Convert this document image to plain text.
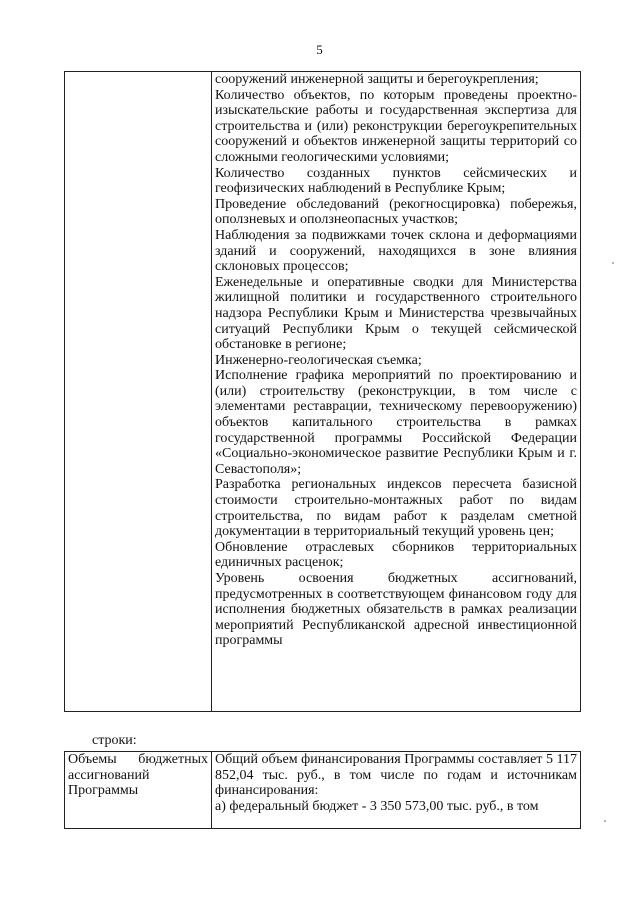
5

сооружений инженерной защиты и берегоукрепления;
Количество объектов, по которым проведены проектно-изыскательские работы и государственная экспертиза для строительства и (или) реконструкции берегоукрепительных сооружений и объектов инженерной защиты территорий со сложными геологическими условиями;
Количество созданных пунктов сейсмических и геофизических наблюдений в Республике Крым;
Проведение обследований (рекогносцировка) побережья, оползневых и оползнеопасных участков;
Наблюдения за подвижками точек склона и деформациями зданий и сооружений, находящихся в зоне влияния склоновых процессов;
Еженедельные и оперативные сводки для Министерства жилищной политики и государственного строительного надзора Республики Крым и Министерства чрезвычайных ситуаций Республики Крым о текущей сейсмической обстановке в регионе;
Инженерно-геологическая съемка;
Исполнение графика мероприятий по проектированию и (или) строительству (реконструкции, в том числе с элементами реставрации, техническому перевооружению) объектов капитального строительства в рамках государственной программы Российской Федерации «Социально-экономическое развитие Республики Крым и г. Севастополя»;
Разработка региональных индексов пересчета базисной стоимости строительно-монтажных работ по видам строительства, по видам работ к разделам сметной документации в территориальный текущий уровень цен;
Обновление отраслевых сборников территориальных единичных расценок;
Уровень освоения бюджетных ассигнований, предусмотренных в соответствующем финансовом году для исполнения бюджетных обязательств в рамках реализации мероприятий Республиканской адресной инвестиционной программы
строки:
Объемы бюджетных ассигнований Программы

Общий объем финансирования Программы составляет 5 117 852,04 тыс. руб., в том числе по годам и источникам финансирования:
а) федеральный бюджет - 3 350 573,00 тыс. руб., в том
